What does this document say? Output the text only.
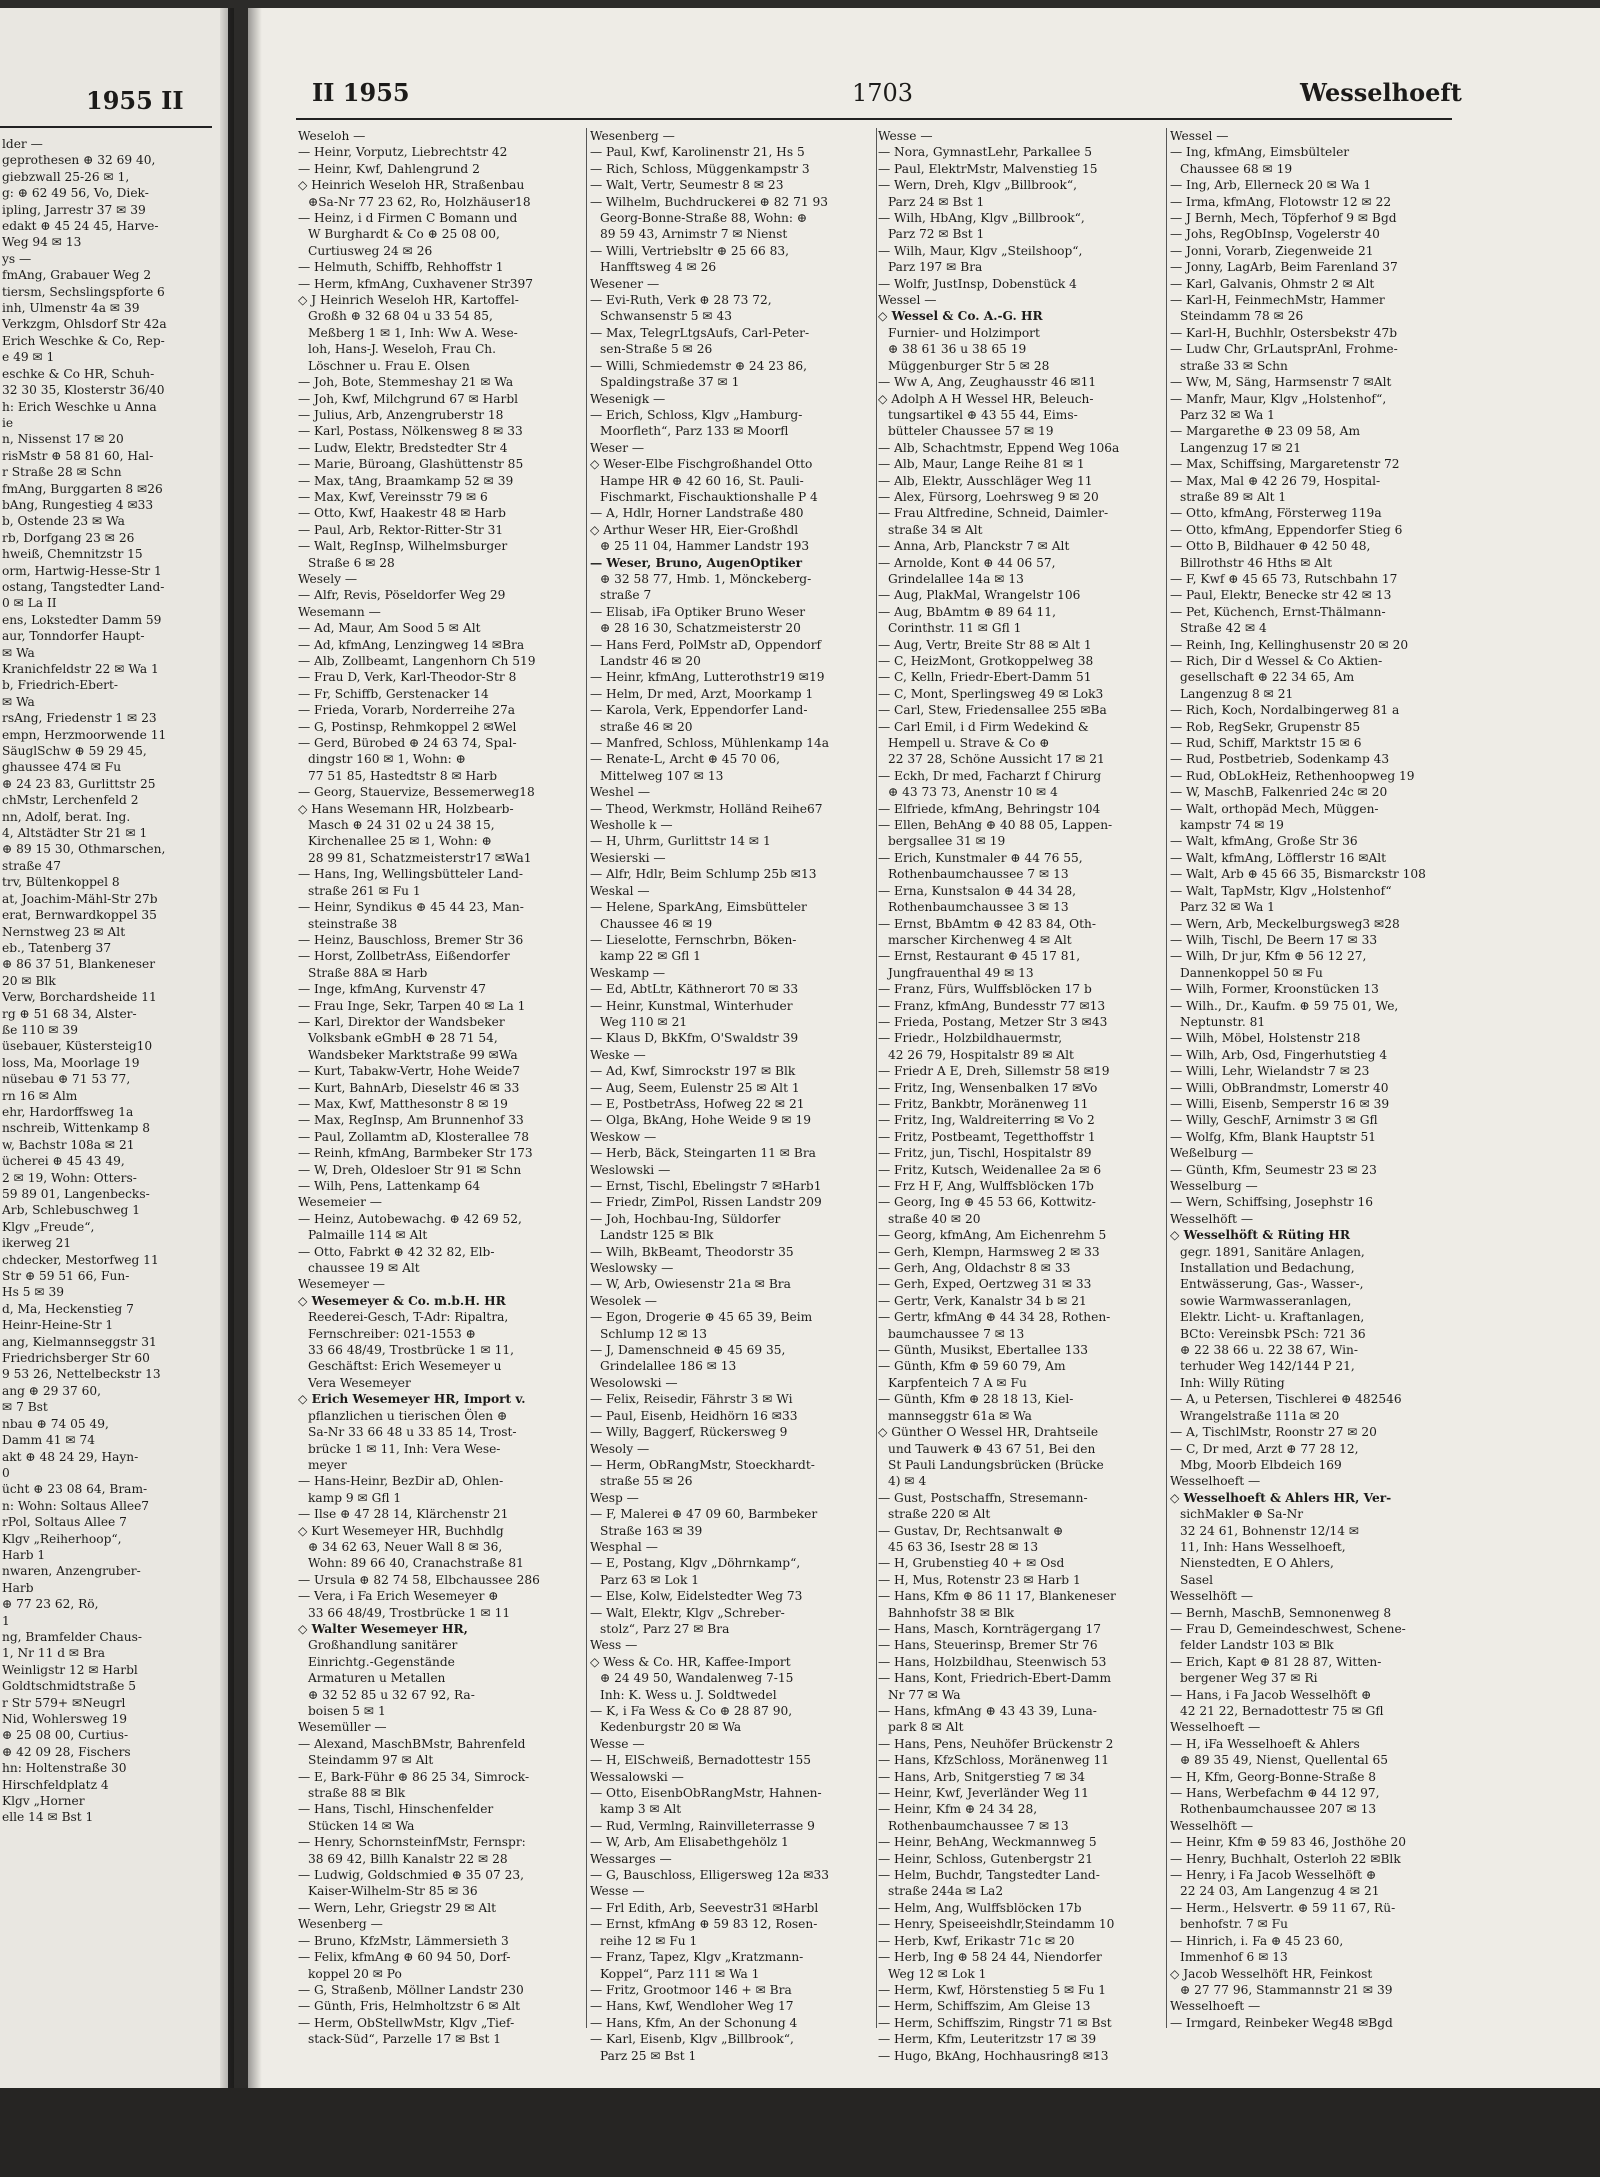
1955 II
lder —
geprothesen ⊕ 32 69 40,
giebzwall 25-26 ✉ 1,
g: ⊕ 62 49 56, Vo, Diek-
ipling, Jarrestr 37 ✉ 39
edakt ⊕ 45 24 45, Harve-
Weg 94 ✉ 13
ys —
fmAng, Grabauer Weg 2
tiersm, Sechslingspforte 6
inh, Ulmenstr 4a ✉ 39
Verkzgm, Ohlsdorf Str 42a
Erich Weschke & Co, Rep-
e 49 ✉ 1
eschke & Co HR, Schuh-
32 30 35, Klosterstr 36/40
h: Erich Weschke u Anna
ie
n, Nissenst 17 ✉ 20
risMstr ⊕ 58 81 60, Hal-
r Straße 28 ✉ Schn
fmAng, Burggarten 8 ✉26
bAng, Rungestieg 4 ✉33
b, Ostende 23 ✉ Wa
rb, Dorfgang 23 ✉ 26
hweiß, Chemnitzstr 15
orm, Hartwig-Hesse-Str 1
ostang, Tangstedter Land-
0 ✉ La II
ens, Lokstedter Damm 59
aur, Tonndorfer Haupt-
✉ Wa
Kranichfeldstr 22 ✉ Wa 1
b, Friedrich-Ebert-
✉ Wa
rsAng, Friedenstr 1 ✉ 23
empn, Herzmoorwende 11
SäuglSchw ⊕ 59 29 45,
ghaussee 474 ✉ Fu
⊕ 24 23 83, Gurlittstr 25
chMstr, Lerchenfeld 2
nn, Adolf, berat. Ing.
4, Altstädter Str 21 ✉ 1
⊕ 89 15 30, Othmarschen,
straße 47
trv, Bültenkoppel 8
at, Joachim-Mähl-Str 27b
erat, Bernwardkoppel 35
Nernstweg 23 ✉ Alt
eb., Tatenberg 37
⊕ 86 37 51, Blankeneser
20 ✉ Blk
Verw, Borchardsheide 11
rg ⊕ 51 68 34, Alster-
ße 110 ✉ 39
üsebauer, Küstersteig10
loss, Ma, Moorlage 19
nüsebau ⊕ 71 53 77,
rn 16 ✉ Alm
ehr, Hardorffsweg 1a
nschreib, Wittenkamp 8
w, Bachstr 108a ✉ 21
ücherei ⊕ 45 43 49,
2 ✉ 19, Wohn: Otters-
59 89 01, Langenbecks-
Arb, Schlebuschweg 1
Klgv „Freude“,
ikerweg 21
chdecker, Mestorfweg 11
Str ⊕ 59 51 66, Fun-
Hs 5 ✉ 39
d, Ma, Heckenstieg 7
Heinr-Heine-Str 1
ang, Kielmannseggstr 31
Friedrichsberger Str 60
9 53 26, Nettelbeckstr 13
ang ⊕ 29 37 60,
✉ 7 Bst
nbau ⊕ 74 05 49,
Damm 41 ✉ 74
akt ⊕ 48 24 29, Hayn-
0
ücht ⊕ 23 08 64, Bram-
n: Wohn: Soltaus Allee7
rPol, Soltaus Allee 7
Klgv „Reiherhoop“,
Harb 1
nwaren, Anzengruber-
Harb
⊕ 77 23 62, Rö,
1
ng, Bramfelder Chaus-
1, Nr 11 d ✉ Bra
Weinligstr 12 ✉ Harbl
Goldtschmidtstraße 5
r Str 579+ ✉Neugrl
Nid, Wohlersweg 19
⊕ 25 08 00, Curtius-
⊕ 42 09 28, Fischers
hn: Holtenstraße 30
Hirschfeldplatz 4
Klgv „Horner
elle 14 ✉ Bst 1
II 1955	1703	Wesselhoeft
Weseloh —
— Heinr, Vorputz, Liebrechtstr 42
— Heinr, Kwf, Dahlengrund 2
◇ Heinrich Weseloh HR, Straßenbau
⊕Sa-Nr 77 23 62, Ro, Holzhäuser18
— Heinz, i d Firmen C Bomann und
W Burghardt & Co ⊕ 25 08 00,
Curtiusweg 24 ✉ 26
— Helmuth, Schiffb, Rehhoffstr 1
— Herm, kfmAng, Cuxhavener Str397
◇ J Heinrich Weseloh HR, Kartoffel-
Großh ⊕ 32 68 04 u 33 54 85,
Meßberg 1 ✉ 1, Inh: Ww A. Wese-
loh, Hans-J. Weseloh, Frau Ch.
Löschner u. Frau E. Olsen
— Joh, Bote, Stemmeshay 21 ✉ Wa
— Joh, Kwf, Milchgrund 67 ✉ Harbl
— Julius, Arb, Anzengruberstr 18
— Karl, Postass, Nölkensweg 8 ✉ 33
— Ludw, Elektr, Bredstedter Str 4
— Marie, Büroang, Glashüttenstr 85
— Max, tAng, Braamkamp 52 ✉ 39
— Max, Kwf, Vereinsstr 79 ✉ 6
— Otto, Kwf, Haakestr 48 ✉ Harb
— Paul, Arb, Rektor-Ritter-Str 31
— Walt, RegInsp, Wilhelmsburger
Straße 6 ✉ 28
Wesely —
— Alfr, Revis, Pöseldorfer Weg 29
Wesemann —
— Ad, Maur, Am Sood 5 ✉ Alt
— Ad, kfmAng, Lenzingweg 14 ✉Bra
— Alb, Zollbeamt, Langenhorn Ch 519
— Frau D, Verk, Karl-Theodor-Str 8
— Fr, Schiffb, Gerstenacker 14
— Frieda, Vorarb, Norderreihe 27a
— G, Postinsp, Rehmkoppel 2 ✉Wel
— Gerd, Bürobed ⊕ 24 63 74, Spal-
dingstr 160 ✉ 1, Wohn: ⊕
77 51 85, Hastedtstr 8 ✉ Harb
— Georg, Stauervize, Bessemerweg18
◇ Hans Wesemann HR, Holzbearb-
Masch ⊕ 24 31 02 u 24 38 15,
Kirchenallee 25 ✉ 1, Wohn: ⊕
28 99 81, Schatzmeisterstr17 ✉Wa1
— Hans, Ing, Wellingsbütteler Land-
straße 261 ✉ Fu 1
— Heinr, Syndikus ⊕ 45 44 23, Man-
steinstraße 38
— Heinz, Bauschloss, Bremer Str 36
— Horst, ZollbetrAss, Eißendorfer
Straße 88A ✉ Harb
— Inge, kfmAng, Kurvenstr 47
— Frau Inge, Sekr, Tarpen 40 ✉ La 1
— Karl, Direktor der Wandsbeker
Volksbank eGmbH ⊕ 28 71 54,
Wandsbeker Marktstraße 99 ✉Wa
— Kurt, Tabakw-Vertr, Hohe Weide7
— Kurt, BahnArb, Dieselstr 46 ✉ 33
— Max, Kwf, Matthesonstr 8 ✉ 19
— Max, RegInsp, Am Brunnenhof 33
— Paul, Zollamtm aD, Klosterallee 78
— Reinh, kfmAng, Barmbeker Str 173
— W, Dreh, Oldesloer Str 91 ✉ Schn
— Wilh, Pens, Lattenkamp 64
Wesemeier —
— Heinz, Autobewachg. ⊕ 42 69 52,
Palmaille 114 ✉ Alt
— Otto, Fabrkt ⊕ 42 32 82, Elb-
chaussee 19 ✉ Alt
Wesemeyer —
◇ Wesemeyer & Co. m.b.H. HR
Reederei-Gesch, T-Adr: Ripaltra,
Fernschreiber: 021-1553 ⊕
33 66 48/49, Trostbrücke 1 ✉ 11,
Geschäftst: Erich Wesemeyer u
Vera Wesemeyer
◇ Erich Wesemeyer HR, Import v.
pflanzlichen u tierischen Ölen ⊕
Sa-Nr 33 66 48 u 33 85 14, Trost-
brücke 1 ✉ 11, Inh: Vera Wese-
meyer
— Hans-Heinr, BezDir aD, Ohlen-
kamp 9 ✉ Gfl 1
— Ilse ⊕ 47 28 14, Klärchenstr 21
◇ Kurt Wesemeyer HR, Buchhdlg
⊕ 34 62 63, Neuer Wall 8 ✉ 36,
Wohn: 89 66 40, Cranachstraße 81
— Ursula ⊕ 82 74 58, Elbchaussee 286
— Vera, i Fa Erich Wesemeyer ⊕
33 66 48/49, Trostbrücke 1 ✉ 11
◇ Walter Wesemeyer HR,
Großhandlung sanitärer
Einrichtg.-Gegenstände
Armaturen u Metallen
⊕ 32 52 85 u 32 67 92, Ra-
boisen 5 ✉ 1
Wesemüller —
— Alexand, MaschBMstr, Bahrenfeld
Steindamm 97 ✉ Alt
— E, Bark-Führ ⊕ 86 25 34, Simrock-
straße 88 ✉ Blk
— Hans, Tischl, Hinschenfelder
Stücken 14 ✉ Wa
— Henry, SchornsteinfMstr, Fernspr:
38 69 42, Billh Kanalstr 22 ✉ 28
— Ludwig, Goldschmied ⊕ 35 07 23,
Kaiser-Wilhelm-Str 85 ✉ 36
— Wern, Lehr, Griegstr 29 ✉ Alt
Wesenberg —
— Bruno, KfzMstr, Lämmersieth 3
— Felix, kfmAng ⊕ 60 94 50, Dorf-
koppel 20 ✉ Po
— G, Straßenb, Möllner Landstr 230
— Günth, Fris, Helmholtzstr 6 ✉ Alt
— Herm, ObStellwMstr, Klgv „Tief-
stack-Süd“, Parzelle 17 ✉ Bst 1
Wesenberg —
— Paul, Kwf, Karolinenstr 21, Hs 5
— Rich, Schloss, Müggenkampstr 3
— Walt, Vertr, Seumestr 8 ✉ 23
— Wilhelm, Buchdruckerei ⊕ 82 71 93
Georg-Bonne-Straße 88, Wohn: ⊕
89 59 43, Arnimstr 7 ✉ Nienst
— Willi, Vertriebsltr ⊕ 25 66 83,
Hanfftsweg 4 ✉ 26
Wesener —
— Evi-Ruth, Verk ⊕ 28 73 72,
Schwansenstr 5 ✉ 43
— Max, TelegrLtgsAufs, Carl-Peter-
sen-Straße 5 ✉ 26
— Willi, Schmiedemstr ⊕ 24 23 86,
Spaldingstraße 37 ✉ 1
Wesenigk —
— Erich, Schloss, Klgv „Hamburg-
Moorfleth“, Parz 133 ✉ Moorfl
Weser —
◇ Weser-Elbe Fischgroßhandel Otto
Hampe HR ⊕ 42 60 16, St. Pauli-
Fischmarkt, Fischauktionshalle P 4
— A, Hdlr, Horner Landstraße 480
◇ Arthur Weser HR, Eier-Großhdl
⊕ 25 11 04, Hammer Landstr 193
— Weser, Bruno, AugenOptiker
⊕ 32 58 77, Hmb. 1, Mönckeberg-
straße 7
— Elisab, iFa Optiker Bruno Weser
⊕ 28 16 30, Schatzmeisterstr 20
— Hans Ferd, PolMstr aD, Oppendorf
Landstr 46 ✉ 20
— Heinr, kfmAng, Lutterothstr19 ✉19
— Helm, Dr med, Arzt, Moorkamp 1
— Karola, Verk, Eppendorfer Land-
straße 46 ✉ 20
— Manfred, Schloss, Mühlenkamp 14a
— Renate-L, Archt ⊕ 45 70 06,
Mittelweg 107 ✉ 13
Weshel —
— Theod, Werkmstr, Holländ Reihe67
Wesholle k —
— H, Uhrm, Gurlittstr 14 ✉ 1
Wesierski —
— Alfr, Hdlr, Beim Schlump 25b ✉13
Weskal —
— Helene, SparkAng, Eimsbütteler
Chaussee 46 ✉ 19
— Lieselotte, Fernschrbn, Böken-
kamp 22 ✉ Gfl 1
Weskamp —
— Ed, AbtLtr, Käthnerort 70 ✉ 33
— Heinr, Kunstmal, Winterhuder
Weg 110 ✉ 21
— Klaus D, BkKfm, O'Swaldstr 39
Weske —
— Ad, Kwf, Simrockstr 197 ✉ Blk
— Aug, Seem, Eulenstr 25 ✉ Alt 1
— E, PostbetrAss, Hofweg 22 ✉ 21
— Olga, BkAng, Hohe Weide 9 ✉ 19
Weskow —
— Herb, Bäck, Steingarten 11 ✉ Bra
Weslowski —
— Ernst, Tischl, Ebelingstr 7 ✉Harb1
— Friedr, ZimPol, Rissen Landstr 209
— Joh, Hochbau-Ing, Süldorfer
Landstr 125 ✉ Blk
— Wilh, BkBeamt, Theodorstr 35
Weslowsky —
— W, Arb, Owiesenstr 21a ✉ Bra
Wesolek —
— Egon, Drogerie ⊕ 45 65 39, Beim
Schlump 12 ✉ 13
— J, Damenschneid ⊕ 45 69 35,
Grindelallee 186 ✉ 13
Wesolowski —
— Felix, Reisedir, Fährstr 3 ✉ Wi
— Paul, Eisenb, Heidhörn 16 ✉33
— Willy, Baggerf, Rückersweg 9
Wesoly —
— Herm, ObRangMstr, Stoeckhardt-
straße 55 ✉ 26
Wesp —
— F, Malerei ⊕ 47 09 60, Barmbeker
Straße 163 ✉ 39
Wesphal —
— E, Postang, Klgv „Döhrnkamp“,
Parz 63 ✉ Lok 1
— Else, Kolw, Eidelstedter Weg 73
— Walt, Elektr, Klgv „Schreber-
stolz“, Parz 27 ✉ Bra
Wess —
◇ Wess & Co. HR, Kaffee-Import
⊕ 24 49 50, Wandalenweg 7-15
Inh: K. Wess u. J. Soldtwedel
— K, i Fa Wess & Co ⊕ 28 87 90,
Kedenburgstr 20 ✉ Wa
Wesse —
— H, ElSchweiß, Bernadottestr 155
Wessalowski —
— Otto, EisenbObRangMstr, Hahnen-
kamp 3 ✉ Alt
— Rud, Vermlng, Rainvilleterrasse 9
— W, Arb, Am Elisabethgehölz 1
Wessarges —
— G, Bauschloss, Elligersweg 12a ✉33
Wesse —
— Frl Edith, Arb, Seevestr31 ✉Harbl
— Ernst, kfmAng ⊕ 59 83 12, Rosen-
reihe 12 ✉ Fu 1
— Franz, Tapez, Klgv „Kratzmann-
Koppel“, Parz 111 ✉ Wa 1
— Fritz, Grootmoor 146 + ✉ Bra
— Hans, Kwf, Wendloher Weg 17
— Hans, Kfm, An der Schonung 4
— Karl, Eisenb, Klgv „Billbrook“,
Parz 25 ✉ Bst 1
Wesse —
— Nora, GymnastLehr, Parkallee 5
— Paul, ElektrMstr, Malvenstieg 15
— Wern, Dreh, Klgv „Billbrook“,
Parz 24 ✉ Bst 1
— Wilh, HbAng, Klgv „Billbrook“,
Parz 72 ✉ Bst 1
— Wilh, Maur, Klgv „Steilshoop“,
Parz 197 ✉ Bra
— Wolfr, JustInsp, Dobenstück 4
Wessel —
◇ Wessel & Co. A.-G. HR
Furnier- und Holzimport
⊕ 38 61 36 u 38 65 19
Müggenburger Str 5 ✉ 28
— Ww A, Ang, Zeughausstr 46 ✉11
◇ Adolph A H Wessel HR, Beleuch-
tungsartikel ⊕ 43 55 44, Eims-
bütteler Chaussee 57 ✉ 19
— Alb, Schachtmstr, Eppend Weg 106a
— Alb, Maur, Lange Reihe 81 ✉ 1
— Alb, Elektr, Ausschläger Weg 11
— Alex, Fürsorg, Loehrsweg 9 ✉ 20
— Frau Altfredine, Schneid, Daimler-
straße 34 ✉ Alt
— Anna, Arb, Planckstr 7 ✉ Alt
— Arnolde, Kont ⊕ 44 06 57,
Grindelallee 14a ✉ 13
— Aug, PlakMal, Wrangelstr 106
— Aug, BbAmtm ⊕ 89 64 11,
Corinthstr. 11 ✉ Gfl 1
— Aug, Vertr, Breite Str 88 ✉ Alt 1
— C, HeizMont, Grotkoppelweg 38
— C, Kelln, Friedr-Ebert-Damm 51
— C, Mont, Sperlingsweg 49 ✉ Lok3
— Carl, Stew, Friedensallee 255 ✉Ba
— Carl Emil, i d Firm Wedekind &
Hempell u. Strave & Co ⊕
22 37 28, Schöne Aussicht 17 ✉ 21
— Eckh, Dr med, Facharzt f Chirurg
⊕ 43 73 73, Anenstr 10 ✉ 4
— Elfriede, kfmAng, Behringstr 104
— Ellen, BehAng ⊕ 40 88 05, Lappen-
bergsallee 31 ✉ 19
— Erich, Kunstmaler ⊕ 44 76 55,
Rothenbaumchaussee 7 ✉ 13
— Erna, Kunstsalon ⊕ 44 34 28,
Rothenbaumchaussee 3 ✉ 13
— Ernst, BbAmtm ⊕ 42 83 84, Oth-
marscher Kirchenweg 4 ✉ Alt
— Ernst, Restaurant ⊕ 45 17 81,
Jungfrauenthal 49 ✉ 13
— Franz, Fürs, Wulffsblöcken 17 b
— Franz, kfmAng, Bundesstr 77 ✉13
— Frieda, Postang, Metzer Str 3 ✉43
— Friedr., Holzbildhauermstr,
42 26 79, Hospitalstr 89 ✉ Alt
— Friedr A E, Dreh, Sillemstr 58 ✉19
— Fritz, Ing, Wensenbalken 17 ✉Vo
— Fritz, Bankbtr, Moränenweg 11
— Fritz, Ing, Waldreiterring ✉ Vo 2
— Fritz, Postbeamt, Tegetthoffstr 1
— Fritz, jun, Tischl, Hospitalstr 89
— Fritz, Kutsch, Weidenallee 2a ✉ 6
— Frz H F, Ang, Wulffsblöcken 17b
— Georg, Ing ⊕ 45 53 66, Kottwitz-
straße 40 ✉ 20
— Georg, kfmAng, Am Eichenrehm 5
— Gerh, Klempn, Harmsweg 2 ✉ 33
— Gerh, Ang, Oldachstr 8 ✉ 33
— Gerh, Exped, Oertzweg 31 ✉ 33
— Gertr, Verk, Kanalstr 34 b ✉ 21
— Gertr, kfmAng ⊕ 44 34 28, Rothen-
baumchaussee 7 ✉ 13
— Günth, Musikst, Ebertallee 133
— Günth, Kfm ⊕ 59 60 79, Am
Karpfenteich 7 A ✉ Fu
— Günth, Kfm ⊕ 28 18 13, Kiel-
mannseggstr 61a ✉ Wa
◇ Günther O Wessel HR, Drahtseile
und Tauwerk ⊕ 43 67 51, Bei den
St Pauli Landungsbrücken (Brücke
4) ✉ 4
— Gust, Postschaffn, Stresemann-
straße 220 ✉ Alt
— Gustav, Dr, Rechtsanwalt ⊕
45 63 36, Isestr 28 ✉ 13
— H, Grubenstieg 40 + ✉ Osd
— H, Mus, Rotenstr 23 ✉ Harb 1
— Hans, Kfm ⊕ 86 11 17, Blankeneser
Bahnhofstr 38 ✉ Blk
— Hans, Masch, Kornträgergang 17
— Hans, Steuerinsp, Bremer Str 76
— Hans, Holzbildhau, Steenwisch 53
— Hans, Kont, Friedrich-Ebert-Damm
Nr 77 ✉ Wa
— Hans, kfmAng ⊕ 43 43 39, Luna-
park 8 ✉ Alt
— Hans, Pens, Neuhöfer Brückenstr 2
— Hans, KfzSchloss, Moränenweg 11
— Hans, Arb, Snitgerstieg 7 ✉ 34
— Heinr, Kwf, Jeverländer Weg 11
— Heinr, Kfm ⊕ 24 34 28,
Rothenbaumchaussee 7 ✉ 13
— Heinr, BehAng, Weckmannweg 5
— Heinr, Schloss, Gutenbergstr 21
— Helm, Buchdr, Tangstedter Land-
straße 244a ✉ La2
— Helm, Ang, Wulffsblöcken 17b
— Henry, Speiseeishdlr,Steindamm 10
— Herb, Kwf, Erikastr 71c ✉ 20
— Herb, Ing ⊕ 58 24 44, Niendorfer
Weg 12 ✉ Lok 1
— Herm, Kwf, Hörstenstieg 5 ✉ Fu 1
— Herm, Schiffszim, Am Gleise 13
— Herm, Schiffszim, Ringstr 71 ✉ Bst
— Herm, Kfm, Leuteritzstr 17 ✉ 39
— Hugo, BkAng, Hochhausring8 ✉13
Wessel —
— Ing, kfmAng, Eimsbülteler
Chaussee 68 ✉ 19
— Ing, Arb, Ellerneck 20 ✉ Wa 1
— Irma, kfmAng, Flotowstr 12 ✉ 22
— J Bernh, Mech, Töpferhof 9 ✉ Bgd
— Johs, RegObInsp, Vogelerstr 40
— Jonni, Vorarb, Ziegenweide 21
— Jonny, LagArb, Beim Farenland 37
— Karl, Galvanis, Ohmstr 2 ✉ Alt
— Karl-H, FeinmechMstr, Hammer
Steindamm 78 ✉ 26
— Karl-H, Buchhlr, Ostersbekstr 47b
— Ludw Chr, GrLautsprAnl, Frohme-
straße 33 ✉ Schn
— Ww, M, Säng, Harmsenstr 7 ✉Alt
— Manfr, Maur, Klgv „Holstenhof“,
Parz 32 ✉ Wa 1
— Margarethe ⊕ 23 09 58, Am
Langenzug 17 ✉ 21
— Max, Schiffsing, Margaretenstr 72
— Max, Mal ⊕ 42 26 79, Hospital-
straße 89 ✉ Alt 1
— Otto, kfmAng, Försterweg 119a
— Otto, kfmAng, Eppendorfer Stieg 6
— Otto B, Bildhauer ⊕ 42 50 48,
Billrothstr 46 Hths ✉ Alt
— F, Kwf ⊕ 45 65 73, Rutschbahn 17
— Paul, Elektr, Benecke str 42 ✉ 13
— Pet, Küchench, Ernst-Thälmann-
Straße 42 ✉ 4
— Reinh, Ing, Kellinghusenstr 20 ✉ 20
— Rich, Dir d Wessel & Co Aktien-
gesellschaft ⊕ 22 34 65, Am
Langenzug 8 ✉ 21
— Rich, Koch, Nordalbingerweg 81 a
— Rob, RegSekr, Grupenstr 85
— Rud, Schiff, Marktstr 15 ✉ 6
— Rud, Postbetrieb, Sodenkamp 43
— Rud, ObLokHeiz, Rethenhoopweg 19
— W, MaschB, Falkenried 24c ✉ 20
— Walt, orthopäd Mech, Müggen-
kampstr 74 ✉ 19
— Walt, kfmAng, Große Str 36
— Walt, kfmAng, Löfflerstr 16 ✉Alt
— Walt, Arb ⊕ 45 66 35, Bismarckstr 108
— Walt, TapMstr, Klgv „Holstenhof“
Parz 32 ✉ Wa 1
— Wern, Arb, Meckelburgsweg3 ✉28
— Wilh, Tischl, De Beern 17 ✉ 33
— Wilh, Dr jur, Kfm ⊕ 56 12 27,
Dannenkoppel 50 ✉ Fu
— Wilh, Former, Kroonstücken 13
— Wilh., Dr., Kaufm. ⊕ 59 75 01, We,
Neptunstr. 81
— Wilh, Möbel, Holstenstr 218
— Wilh, Arb, Osd, Fingerhutstieg 4
— Willi, Lehr, Wielandstr 7 ✉ 23
— Willi, ObBrandmstr, Lomerstr 40
— Willi, Eisenb, Semperstr 16 ✉ 39
— Willy, GeschF, Arnimstr 3 ✉ Gfl
— Wolfg, Kfm, Blank Hauptstr 51
Weßelburg —
— Günth, Kfm, Seumestr 23 ✉ 23
Wesselburg —
— Wern, Schiffsing, Josephstr 16
Wesselhöft —
◇ Wesselhöft & Rüting HR
gegr. 1891, Sanitäre Anlagen,
Installation und Bedachung,
Entwässerung, Gas-, Wasser-,
sowie Warmwasseranlagen,
Elektr. Licht- u. Kraftanlagen,
BCto: Vereinsbk PSch: 721 36
⊕ 22 38 66 u. 22 38 67, Win-
terhuder Weg 142/144 P 21,
Inh: Willy Rüting
— A, u Petersen, Tischlerei ⊕ 482546
Wrangelstraße 111a ✉ 20
— A, TischlMstr, Roonstr 27 ✉ 20
— C, Dr med, Arzt ⊕ 77 28 12,
Mbg, Moorb Elbdeich 169
Wesselhoeft —
◇ Wesselhoeft & Ahlers HR, Ver-
sichMakler ⊕ Sa-Nr
32 24 61, Bohnenstr 12/14 ✉
11, Inh: Hans Wesselhoeft,
Nienstedten, E O Ahlers,
Sasel
Wesselhöft —
— Bernh, MaschB, Semnonenweg 8
— Frau D, Gemeindeschwest, Schene-
felder Landstr 103 ✉ Blk
— Erich, Kapt ⊕ 81 28 87, Witten-
bergener Weg 37 ✉ Ri
— Hans, i Fa Jacob Wesselhöft ⊕
42 21 22, Bernadottestr 75 ✉ Gfl
Wesselhoeft —
— H, iFa Wesselhoeft & Ahlers
⊕ 89 35 49, Nienst, Quellental 65
— H, Kfm, Georg-Bonne-Straße 8
— Hans, Werbefachm ⊕ 44 12 97,
Rothenbaumchaussee 207 ✉ 13
Wesselhöft —
— Heinr, Kfm ⊕ 59 83 46, Josthöhe 20
— Henry, Buchhalt, Osterloh 22 ✉Blk
— Henry, i Fa Jacob Wesselhöft ⊕
22 24 03, Am Langenzug 4 ✉ 21
— Herm., Helsvertr. ⊕ 59 11 67, Rü-
benhofstr. 7 ✉ Fu
— Hinrich, i. Fa ⊕ 45 23 60,
Immenhof 6 ✉ 13
◇ Jacob Wesselhöft HR, Feinkost
⊕ 27 77 96, Stammannstr 21 ✉ 39
Wesselhoeft —
— Irmgard, Reinbeker Weg48 ✉Bgd
